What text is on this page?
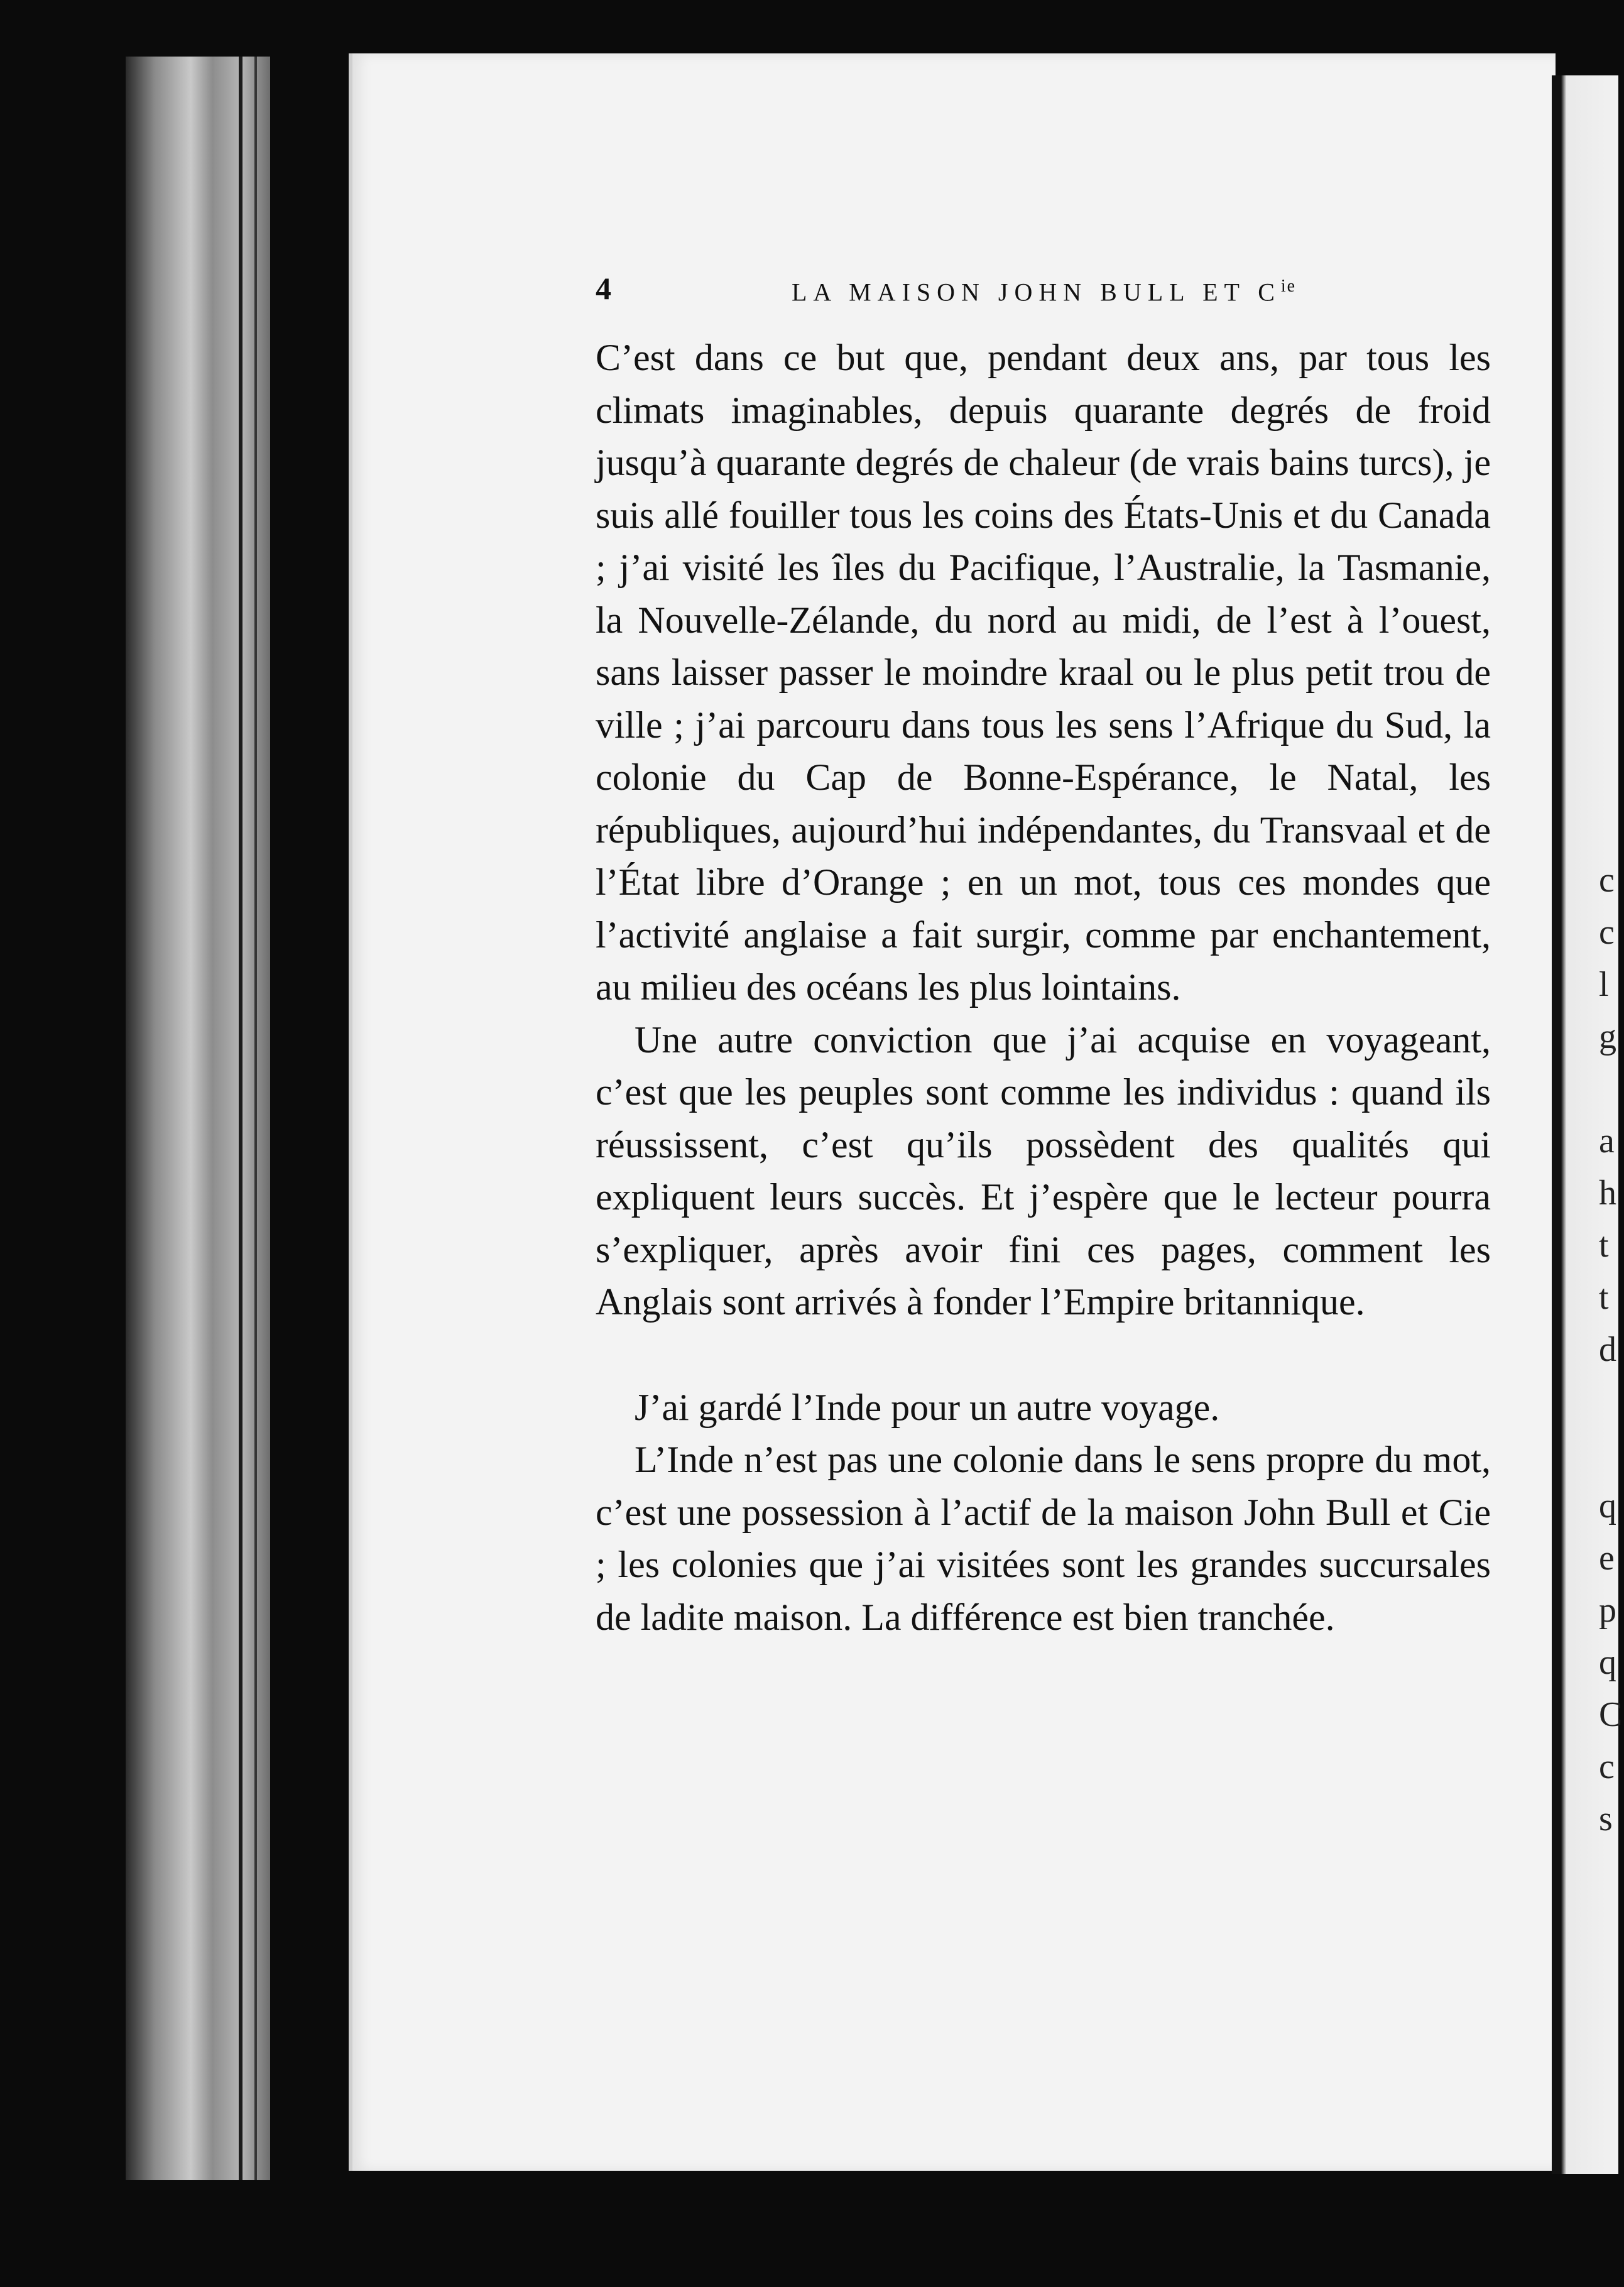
4	LA MAISON JOHN BULL ET $C^{ie}$

C’est dans ce but que, pendant deux ans, par tous les climats imaginables, depuis quarante degrés de froid jusqu’à quarante degrés de chaleur (de vrais bains turcs), je suis allé fouiller tous les coins des États-Unis et du Canada ; j’ai visité les îles du Pacifique, l’Australie, la Tasmanie, la Nouvelle-Zélande, du nord au midi, de l’est à l’ouest, sans laisser passer le moindre kraal ou le plus petit trou de ville ; j’ai parcouru dans tous les sens l’Afrique du Sud, la colonie du Cap de Bonne-Espérance, le Natal, les républiques, aujourd’hui indépendantes, du Transvaal et de l’État libre d’Orange ; en un mot, tous ces mondes que l’activité anglaise a fait surgir, comme par enchantement, au milieu des océans les plus lointains.

Une autre conviction que j’ai acquise en voyageant, c’est que les peuples sont comme les individus : quand ils réussissent, c’est qu’ils possèdent des qualités qui expliquent leurs succès. Et j’espère que le lecteur pourra s’expliquer, après avoir fini ces pages, comment les Anglais sont arrivés à fonder l’Empire britannique.

J’ai gardé l’Inde pour un autre voyage.

L’Inde n’est pas une colonie dans le sens propre du mot, c’est une possession à l’actif de la maison John Bull et Cie ; les colonies que j’ai visitées sont les grandes succursales de ladite maison. La différence est bien tranchée.

c
c
l
g

a
h
t
t
d

q
e
p
q
C
c
s
